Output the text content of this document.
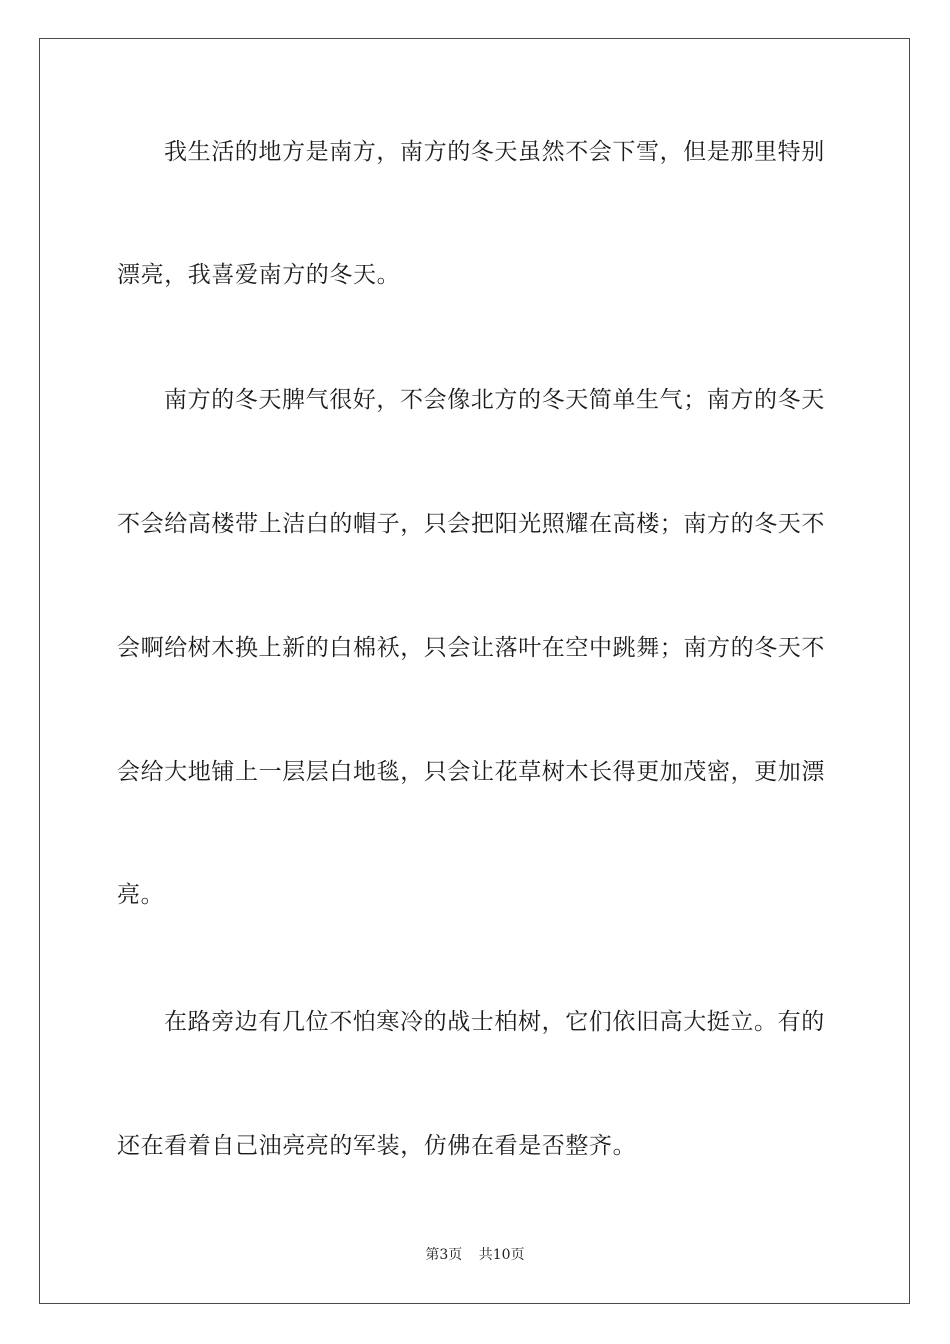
我生活的地方是南方，南方的冬天虽然不会下雪，但是那里特别
漂亮，我喜爱南方的冬天。
南方的冬天脾气很好，不会像北方的冬天简单生气；南方的冬天
不会给高楼带上洁白的帽子，只会把阳光照耀在高楼；南方的冬天不
会啊给树木换上新的白棉袄，只会让落叶在空中跳舞；南方的冬天不
会给大地铺上一层层白地毯，只会让花草树木长得更加茂密，更加漂
亮。
在路旁边有几位不怕寒冷的战士柏树，它们依旧高大挺立。有的
还在看着自己油亮亮的军装，仿佛在看是否整齐。
第3页 共10页
